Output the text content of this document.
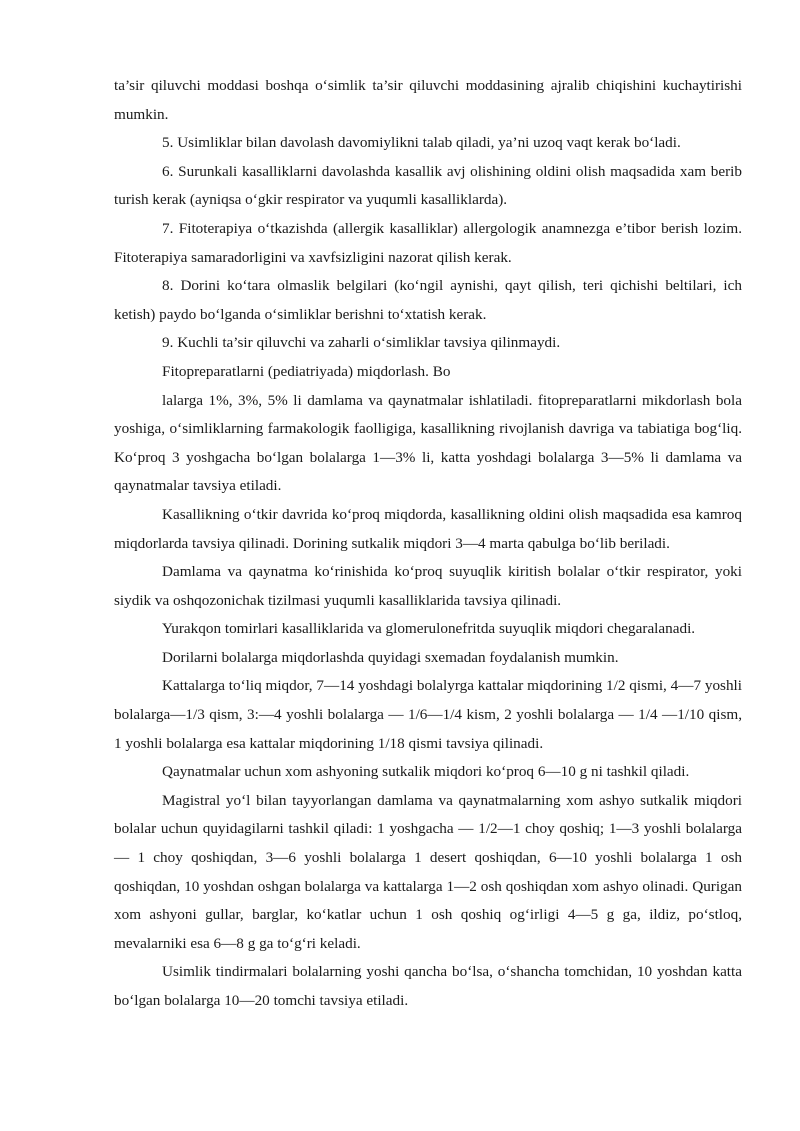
ta’sir qiluvchi moddasi boshqa o‘simlik ta’sir qiluvchi moddasining ajralib chiqishini kuchaytirishi mumkin.

5. Usimliklar bilan davolash davomiylikni talab qiladi, ya’ni uzoq vaqt kerak bo‘ladi.

6. Surunkali kasalliklarni davolashda kasallik avj olishining oldini olish maqsadida xam berib turish kerak (ayniqsa o‘gkir respirator va yuqumli kasalliklarda).

7. Fitoterapiya o‘tkazishda (allergik kasalliklar) allergologik anamnezga e’tibor berish lozim. Fitoterapiya samaradorligini va xavfsizligini nazorat qilish kerak.

8. Dorini ko‘tara olmaslik belgilari (ko‘ngil aynishi, qayt qilish, teri qichishi beltilari, ich ketish) paydo bo‘lganda o‘simliklar berishni to‘xtatish kerak.

9. Kuchli ta’sir qiluvchi va zaharli o‘simliklar tavsiya qilinmaydi.

Fitopreparatlarni (pediatriyada) miqdorlash. Bo

lalarga 1%, 3%, 5% li damlama va qaynatmalar ishlatiladi. fitopreparatlarni mikdorlash bola yoshiga, o‘simliklarning farmakologik faolligiga, kasallikning rivojlanish davriga va tabiatiga bog‘liq. Ko‘proq 3 yoshgacha bo‘lgan bolalarga 1—3% li, katta yoshdagi bolalarga 3—5% li damlama va qaynatmalar tavsiya etiladi.

Kasallikning o‘tkir davrida ko‘proq miqdorda, kasallikning oldini olish maqsadida esa kamroq miqdorlarda tavsiya qilinadi. Dorining sutkalik miqdori 3—4 marta qabulga bo‘lib beriladi.

Damlama va qaynatma ko‘rinishida ko‘proq suyuqlik kiritish bolalar o‘tkir respirator, yoki siydik va oshqozonichak tizilmasi yuqumli kasalliklarida tavsiya qilinadi.

Yurakqon tomirlari kasalliklarida va glomerulonefritda suyuqlik miqdori chegaralanadi.

Dorilarni bolalarga miqdorlashda quyidagi sxemadan foydalanish mumkin.

Kattalarga to‘liq miqdor, 7—14 yoshdagi bolalyrga kattalar miqdorining 1/2 qismi, 4—7 yoshli bolalarga—1/3 qism, 3:—4 yoshli bolalarga — 1/6—1/4 kism, 2 yoshli bolalarga — 1/4 —1/10 qism, 1 yoshli bolalarga esa kattalar miqdorining 1/18 qismi tavsiya qilinadi.

Qaynatmalar uchun xom ashyoning sutkalik miqdori ko‘proq 6—10 g ni tashkil qiladi.

Magistral yo‘l bilan tayyorlangan damlama va qaynatmalarning xom ashyo sutkalik miqdori bolalar uchun quyidagilarni tashkil qiladi: 1 yoshgacha — 1/2—1 choy qoshiq; 1—3 yoshli bolalarga— 1 choy qoshiqdan, 3—6 yoshli bolalarga 1 desert qoshiqdan, 6—10 yoshli bolalarga 1 osh qoshiqdan, 10 yoshdan oshgan bolalarga va kattalarga 1—2 osh qoshiqdan xom ashyo olinadi. Qurigan xom ashyoni gullar, barglar, ko‘katlar uchun 1 osh qoshiq og‘irligi 4—5 g ga, ildiz, po‘stloq, mevalarniki esa 6—8 g ga to‘g‘ri keladi.

Usimlik tindirmalari bolalarning yoshi qancha bo‘lsa, o‘shancha tomchidan, 10 yoshdan katta bo‘lgan bolalarga 10—20 tomchi tavsiya etiladi.
